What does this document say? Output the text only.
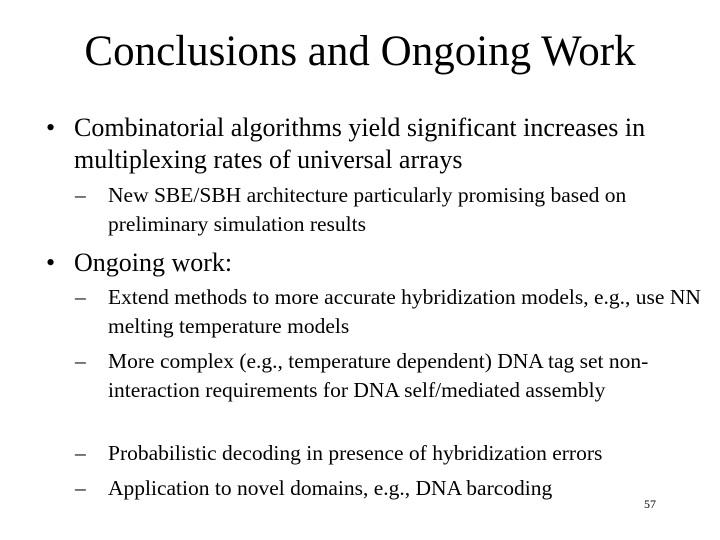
Conclusions and Ongoing Work
• Combinatorial algorithms yield significant increases in multiplexing rates of universal arrays
–	New SBE/SBH architecture particularly promising based on preliminary simulation results
• Ongoing work:
–	Extend methods to more accurate hybridization models, e.g., use NN melting temperature models
–	More complex (e.g., temperature dependent) DNA tag set non-interaction requirements for DNA self/mediated assembly
–	Probabilistic decoding in presence of hybridization errors
–	Application to novel domains, e.g., DNA barcoding
57
